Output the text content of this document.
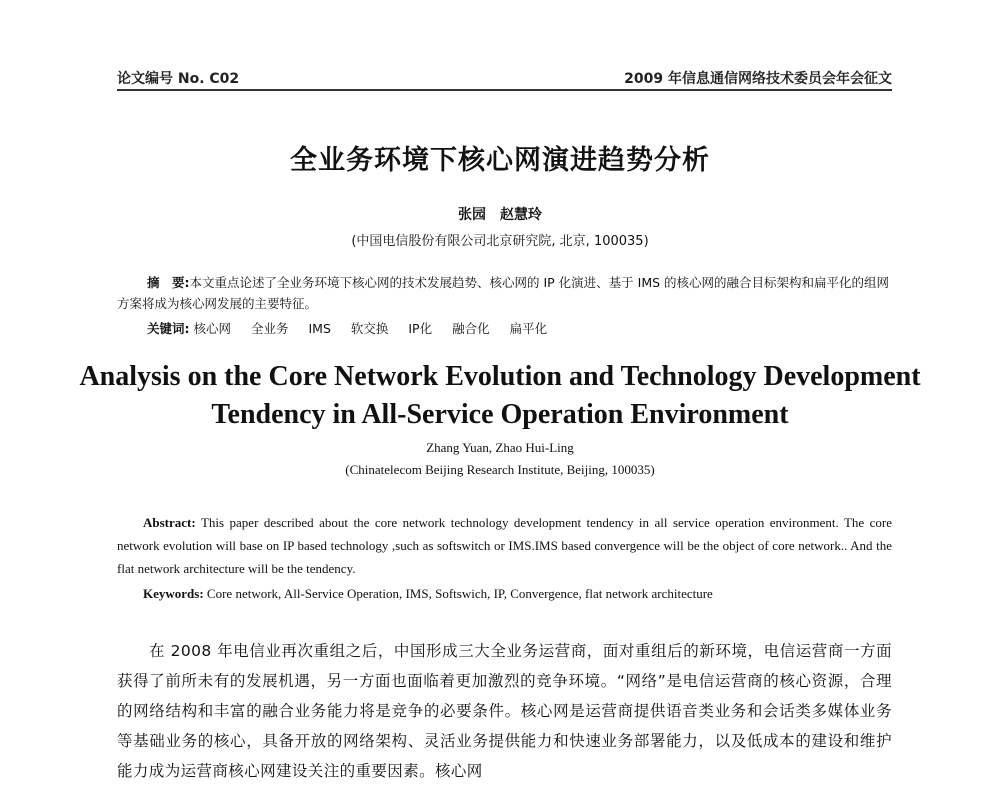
论文编号 No. C02	2009 年信息通信网络技术委员会年会征文
全业务环境下核心网演进趋势分析
张园　赵慧玲
(中国电信股份有限公司北京研究院, 北京, 100035)
摘　要:本文重点论述了全业务环境下核心网的技术发展趋势、核心网的 IP 化演进、基于 IMS 的核心网的融合目标架构和扁平化的组网方案将成为核心网发展的主要特征。
关键词: 核心网 全业务 IMS 软交换 IP化 融合化 扁平化
Analysis on the Core Network Evolution and Technology Development Tendency in All-Service Operation Environment
Zhang Yuan, Zhao Hui-Ling
(Chinatelecom Beijing Research Institute, Beijing, 100035)
Abstract: This paper described about the core network technology development tendency in all service operation environment. The core network evolution will base on IP based technology ,such as softswitch or IMS.IMS based convergence will be the object of core network.. And the flat network architecture will be the tendency.
Keywords: Core network, All-Service Operation, IMS, Softswich, IP, Convergence, flat network architecture
在 2008 年电信业再次重组之后，中国形成三大全业务运营商，面对重组后的新环境，电信运营商一方面获得了前所未有的发展机遇，另一方面也面临着更加激烈的竞争环境。“网络”是电信运营商的核心资源，合理的网络结构和丰富的融合业务能力将是竞争的必要条件。核心网是运营商提供语音类业务和会话类多媒体业务等基础业务的核心，具备开放的网络架构、灵活业务提供能力和快速业务部署能力，以及低成本的建设和维护能力成为运营商核心网建设关注的重要因素。核心网
